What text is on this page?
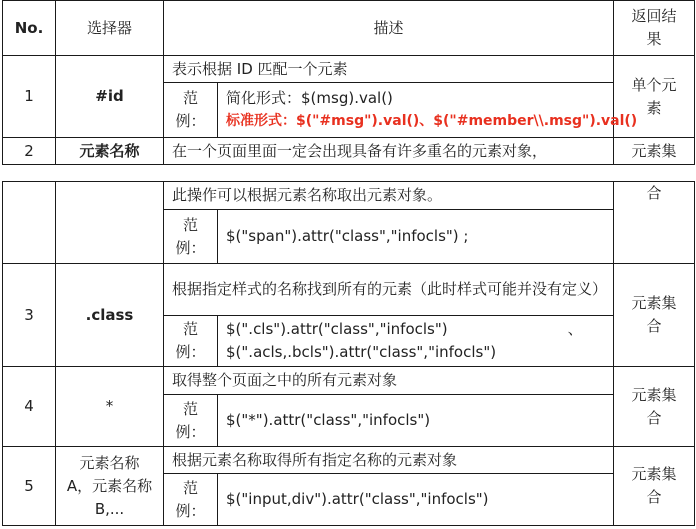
No.	选择器	描述		返回结果
1	#id	表示根据 ID 匹配一个元素		单个元素
		范例：	简化形式：$(msg).val()
标准形式：$("#msg").val()、$("#member\\.msg").val()	

2	元素名称	在一个页面里面一定会出现具备有许多重名的元素对象，		元素集
		此操作可以根据元素名称取出元素对象。		合
		范例：	$("span").attr("class","infocls") ;	
3	.class	根据指定样式的名称找到所有的元素（此时样式可能并没有定义）		元素集合
		范例：	$(".cls").attr("class","infocls")　　　　　　　　、
$(".acls,.bcls").attr("class","infocls")	

4	*	取得整个页面之中的所有元素对象		元素集合
		范例：	$("*").attr("class","infocls")	
5	元素名称 A，元素名称 B,...	根据元素名称取得所有指定名称的元素对象		元素集合
		范例：	$("input,div").attr("class","infocls")	
